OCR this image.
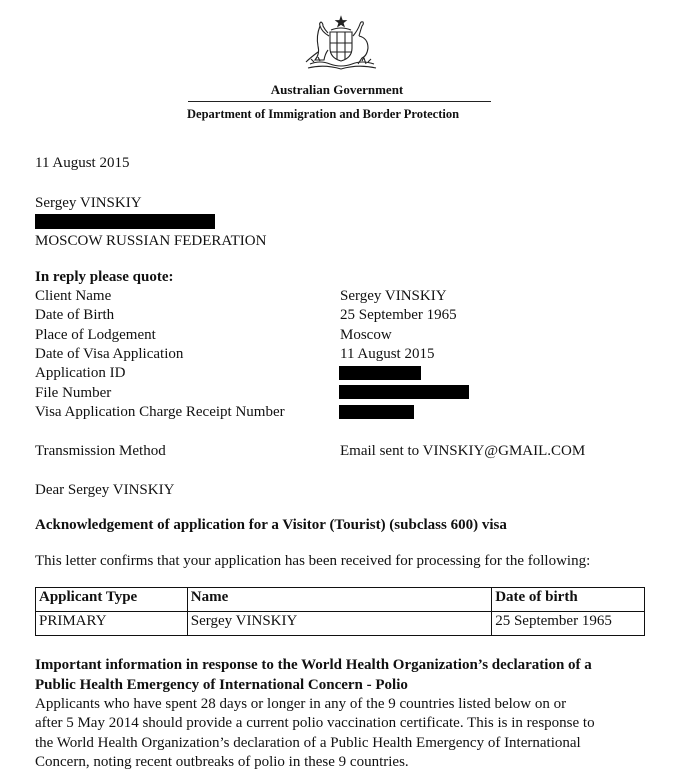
Australian Government
Department of Immigration and Border Protection
11 August 2015
Sergey VINSKIY
MOSCOW RUSSIAN FEDERATION
In reply please quote:
Client Name	Sergey VINSKIY
Date of Birth	25 September 1965
Place of Lodgement	Moscow
Date of Visa Application	11 August 2015
Application ID
File Number
Visa Application Charge Receipt Number
Transmission Method	Email sent to VINSKIY@GMAIL.COM
Dear Sergey VINSKIY
Acknowledgement of application for a Visitor (Tourist) (subclass 600) visa
This letter confirms that your application has been received for processing for the following:
Applicant Type	Name	Date of birth
PRIMARY	Sergey VINSKIY	25 September 1965
Important information in response to the World Health Organization’s declaration of a
Public Health Emergency of International Concern - Polio
Applicants who have spent 28 days or longer in any of the 9 countries listed below on or
after 5 May 2014 should provide a current polio vaccination certificate. This is in response to
the World Health Organization’s declaration of a Public Health Emergency of International
Concern, noting recent outbreaks of polio in these 9 countries.
